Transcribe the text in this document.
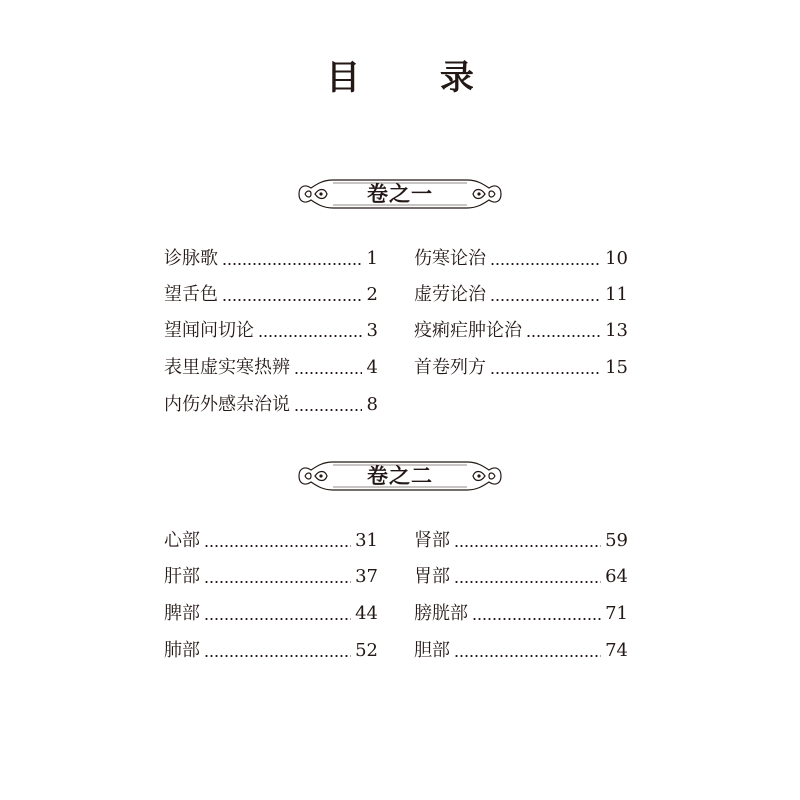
目 录
卷之一
诊脉歌	1
望舌色	2
望闻问切论	3
表里虚实寒热辨	4
内伤外感杂治说	8
伤寒论治	10
虚劳论治	11
疫痢疟肿论治	13
首卷列方	15
卷之二
心部	31
肝部	37
脾部	44
肺部	52
肾部	59
胃部	64
膀胱部	71
胆部	74
